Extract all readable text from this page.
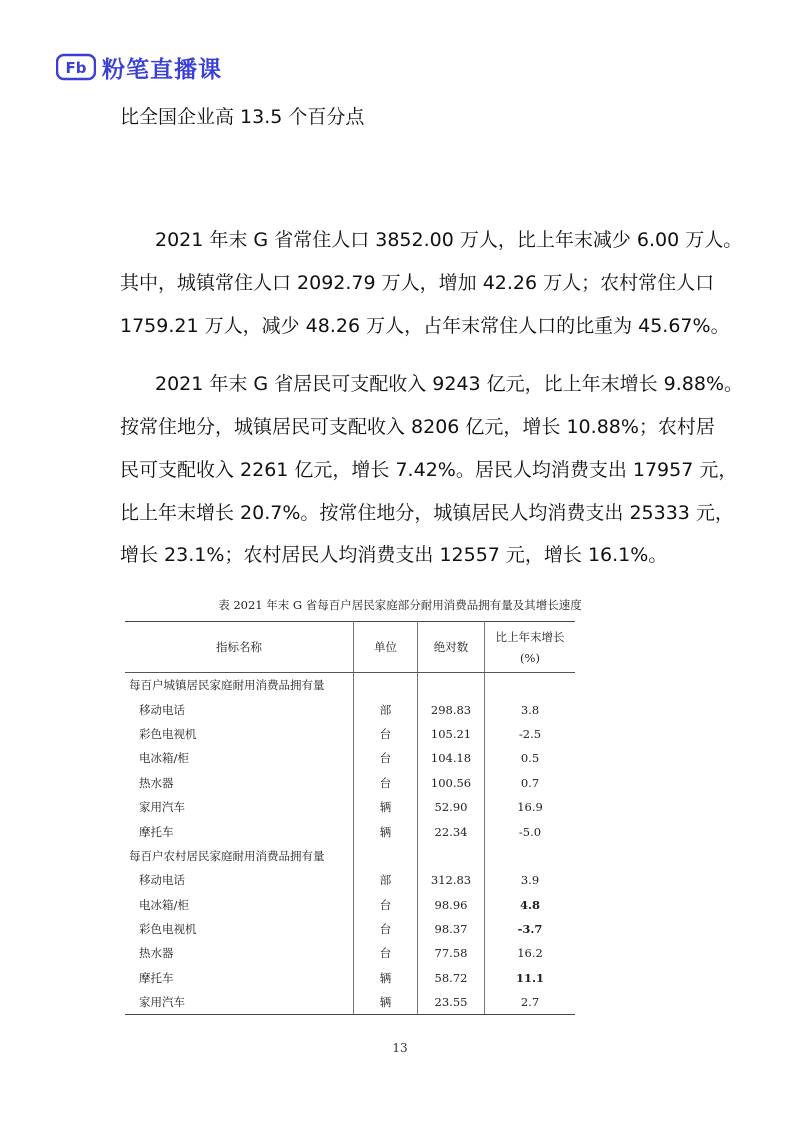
Fb 粉笔直播课
比全国企业高 13.5 个百分点
2021 年末 G 省常住人口 3852.00 万人，比上年末减少 6.00 万人。
其中，城镇常住人口 2092.79 万人，增加 42.26 万人；农村常住人口
1759.21 万人，减少 48.26 万人，占年末常住人口的比重为 45.67%。
2021 年末 G 省居民可支配收入 9243 亿元，比上年末增长 9.88%。
按常住地分，城镇居民可支配收入 8206 亿元，增长 10.88%；农村居
民可支配收入 2261 亿元，增长 7.42%。居民人均消费支出 17957 元，
比上年末增长 20.7%。按常住地分，城镇居民人均消费支出 25333 元，
增长 23.1%；农村居民人均消费支出 12557 元，增长 16.1%。
表 2021 年末 G 省每百户居民家庭部分耐用消费品拥有量及其增长速度
指标名称	单位	绝对数	比上年末增长
(%)

每百户城镇居民家庭耐用消费品拥有量			
移动电话	部	298.83	3.8
彩色电视机	台	105.21	-2.5
电冰箱/柜	台	104.18	0.5
热水器	台	100.56	0.7
家用汽车	辆	52.90	16.9
摩托车	辆	22.34	-5.0
每百户农村居民家庭耐用消费品拥有量			
移动电话	部	312.83	3.9
电冰箱/柜	台	98.96	4.8
彩色电视机	台	98.37	-3.7
热水器	台	77.58	16.2
摩托车	辆	58.72	11.1
家用汽车	辆	23.55	2.7
13
